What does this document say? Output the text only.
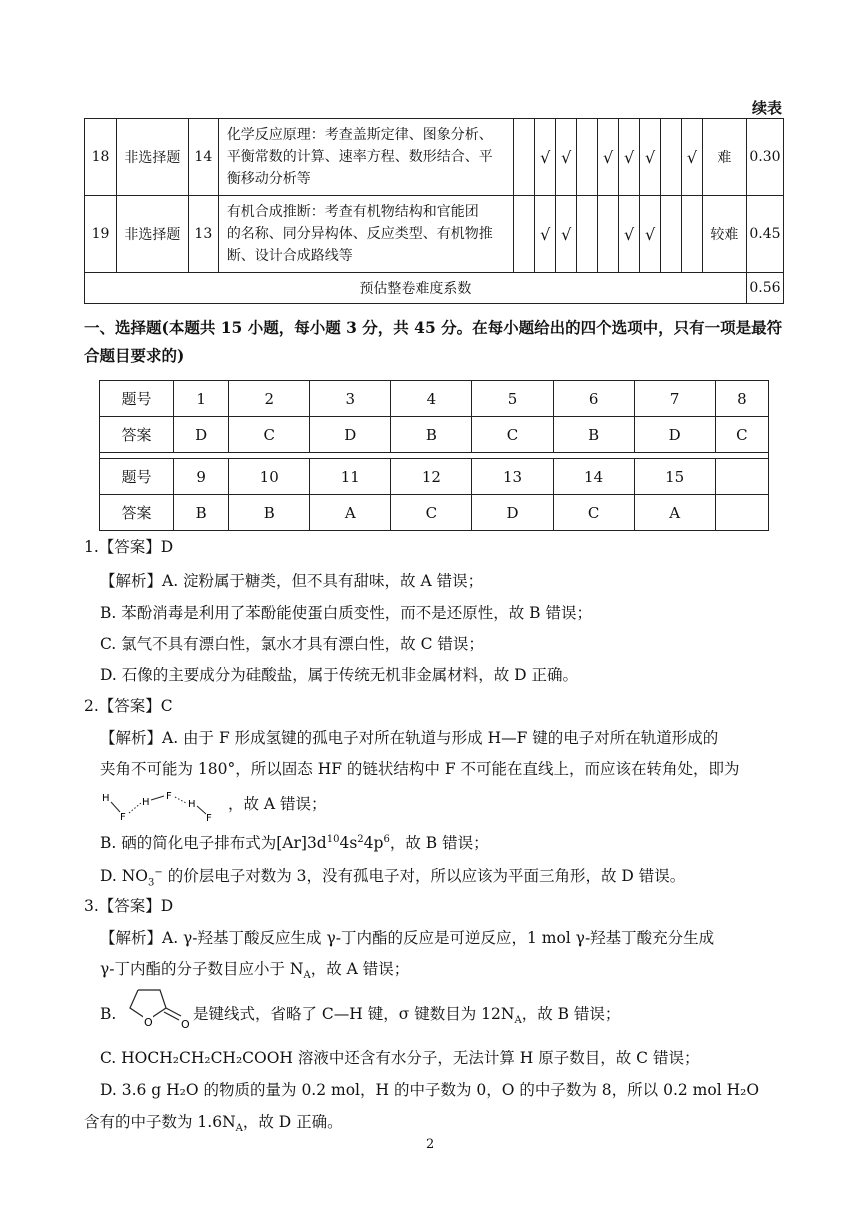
续表
18	非选择题	14	化学反应原理：考查盖斯定律、图象分析、
平衡常数的计算、速率方程、数形结合、平
衡移动分析等		√	√		√	√	√		√	难	0.30
19	非选择题	13	有机合成推断：考查有机物结构和官能团
的名称、同分异构体、反应类型、有机物推
断、设计合成路线等		√	√			√	√			较难	0.45
预估整卷难度系数														0.56
一、选择题(本题共 15 小题，每小题 3 分，共 45 分。在每小题给出的四个选项中，只有一项是最符合题目要求的)
题号	1	2	3	4	5	6	7	8
答案	D	C	D	B	C	B	D	C

题号	9	10	11	12	13	14	15	
答案	B	B	A	C	D	C	A	
1.【答案】D
【解析】A. 淀粉属于糖类，但不具有甜味，故 A 错误；
B. 苯酚消毒是利用了苯酚能使蛋白质变性，而不是还原性，故 B 错误；
C. 氯气不具有漂白性，氯水才具有漂白性，故 C 错误；
D. 石像的主要成分为硅酸盐，属于传统无机非金属材料，故 D 正确。
2.【答案】C
【解析】A. 由于 F 形成氢键的孤电子对所在轨道与形成 H—F 键的电子对所在轨道形成的
夹角不可能为 180°，所以固态 HF 的链状结构中 F 不可能在直线上，而应该在转角处，即为
H
F
H
F
H
F
，故 A 错误；
B. 硒的简化电子排布式为$[Ar]3d^{10}4s^24p^6$，故 B 错误；
D. $NO_3^-$ 的价层电子对数为 3，没有孤电子对，所以应该为平面三角形，故 D 错误。
3.【答案】D
【解析】A. γ-羟基丁酸反应生成 γ-丁内酯的反应是可逆反应，1 mol γ-羟基丁酸充分生成
γ-丁内酯的分子数目应小于 $N_A$，故 A 错误；
B.	O	O
是键线式，省略了 C—H 键，σ 键数目为 $12N_A$，故 B 错误；
C. HOCH₂CH₂CH₂COOH 溶液中还含有水分子，无法计算 H 原子数目，故 C 错误；
D. 3.6 g H₂O 的物质的量为 0.2 mol，H 的中子数为 0，O 的中子数为 8，所以 0.2 mol H₂O
含有的中子数为 $1.6N_A$，故 D 正确。
2
